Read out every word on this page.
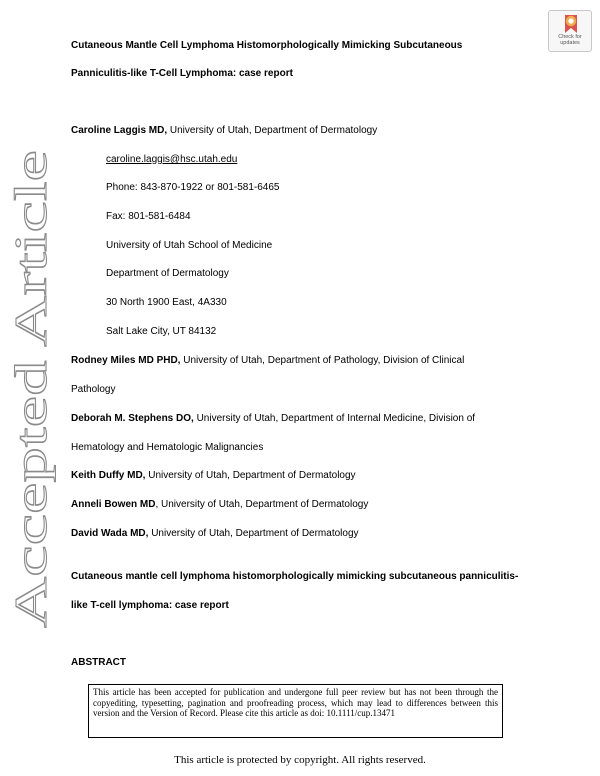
Accepted Article
Check for
updates
Cutaneous Mantle Cell Lymphoma Histomorphologically Mimicking Subcutaneous
Panniculitis-like T-Cell Lymphoma: case report
Caroline Laggis MD, University of Utah, Department of Dermatology
caroline.laggis@hsc.utah.edu
Phone: 843-870-1922 or 801-581-6465
Fax: 801-581-6484
University of Utah School of Medicine
Department of Dermatology
30 North 1900 East, 4A330
Salt Lake City, UT 84132
Rodney Miles MD PHD, University of Utah, Department of Pathology, Division of Clinical
Pathology
Deborah M. Stephens DO, University of Utah, Department of Internal Medicine, Division of
Hematology and Hematologic Malignancies
Keith Duffy MD, University of Utah, Department of Dermatology
Anneli Bowen MD, University of Utah, Department of Dermatology
David Wada MD, University of Utah, Department of Dermatology
Cutaneous mantle cell lymphoma histomorphologically mimicking subcutaneous panniculitis-
like T-cell lymphoma: case report
ABSTRACT
This article has been accepted for publication and undergone full peer review but has not been through the copyediting, typesetting, pagination and proofreading process, which may lead to differences between this version and the Version of Record. Please cite this article as doi: 10.1111/cup.13471
This article is protected by copyright. All rights reserved.
